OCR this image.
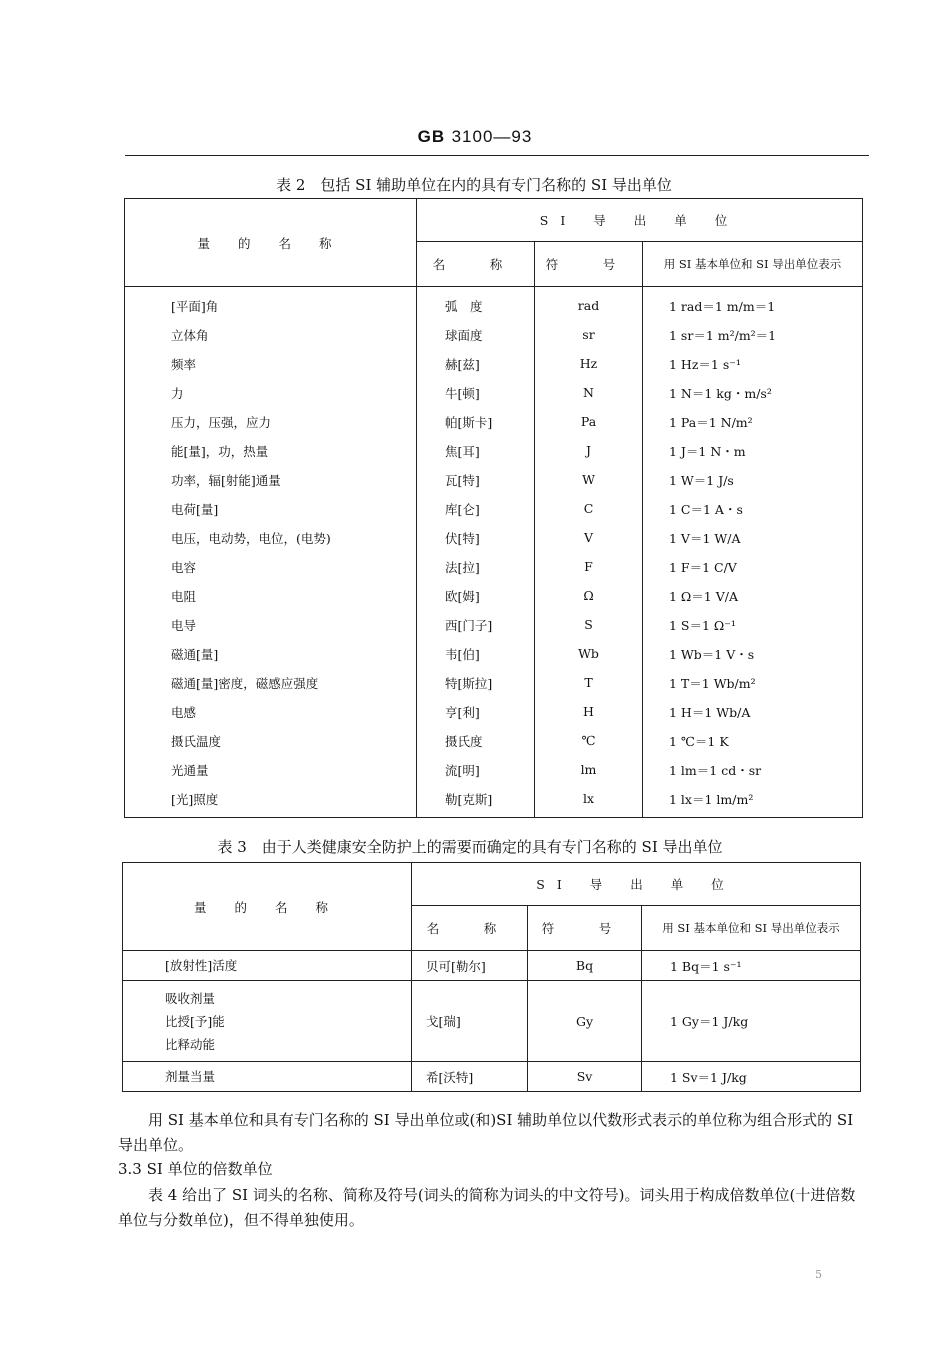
GB 3100—93
表 2　包括 SI 辅助单位在内的具有专门名称的 SI 导出单位
量 的 名 称	SI 导 出 单 位		
	名　称	符　号	用 SI 基本单位和 SI 导出单位表示
[平面]角	弧　度	rad	1 rad＝1 m/m＝1
立体角	球面度	sr	1 sr＝1 m²/m²＝1
频率	赫[兹]	Hz	1 Hz＝1 s⁻¹
力	牛[顿]	N	1 N＝1 kg・m/s²
压力，压强，应力	帕[斯卡]	Pa	1 Pa＝1 N/m²
能[量]，功，热量	焦[耳]	J	1 J＝1 N・m
功率，辐[射能]通量	瓦[特]	W	1 W＝1 J/s
电荷[量]	库[仑]	C	1 C＝1 A・s
电压，电动势，电位，(电势)	伏[特]	V	1 V＝1 W/A
电容	法[拉]	F	1 F＝1 C/V
电阻	欧[姆]	Ω	1 Ω＝1 V/A
电导	西[门子]	S	1 S＝1 Ω⁻¹
磁通[量]	韦[伯]	Wb	1 Wb＝1 V・s
磁通[量]密度，磁感应强度	特[斯拉]	T	1 T＝1 Wb/m²
电感	亨[利]	H	1 H＝1 Wb/A
摄氏温度	摄氏度	℃	1 ℃＝1 K
光通量	流[明]	lm	1 lm＝1 cd・sr
[光]照度	勒[克斯]	lx	1 lx＝1 lm/m²
表 3　由于人类健康安全防护上的需要而确定的具有专门名称的 SI 导出单位
量 的 名 称	SI 导 出 单 位		
	名　称	符　号	用 SI 基本单位和 SI 导出单位表示
[放射性]活度	贝可[勒尔]	Bq	1 Bq＝1 s⁻¹

吸收剂量
比授[予]能
比释动能	戈[瑞]	Gy	1 Gy＝1 J/kg
剂量当量	希[沃特]	Sv	1 Sv＝1 J/kg
用 SI 基本单位和具有专门名称的 SI 导出单位或(和)SI 辅助单位以代数形式表示的单位称为组合形式的 SI 导出单位。
3.3 SI 单位的倍数单位
表 4 给出了 SI 词头的名称、简称及符号(词头的简称为词头的中文符号)。词头用于构成倍数单位(十进倍数单位与分数单位)，但不得单独使用。
5
